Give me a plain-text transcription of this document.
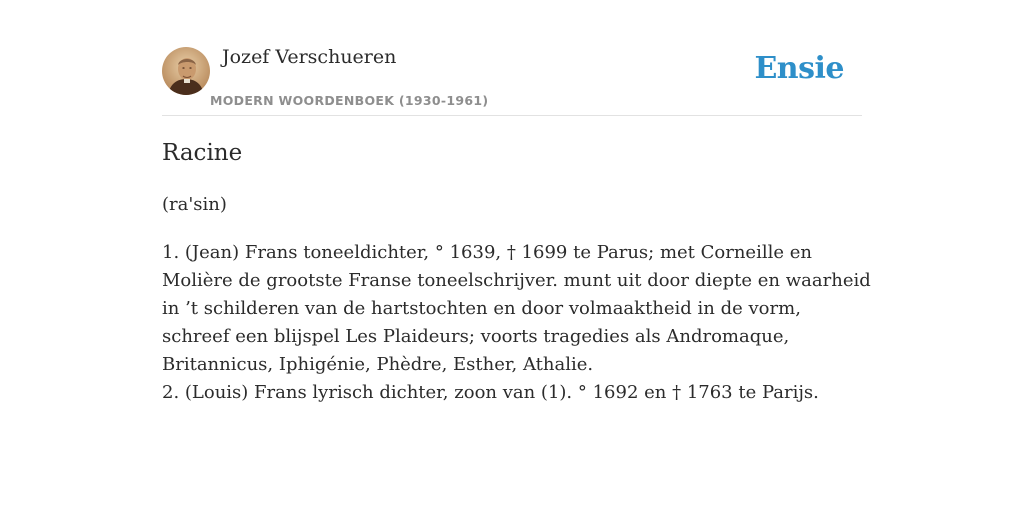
Jozef Verschueren
MODERN WOORDENBOEK (1930-1961)
Ensie
Racine
(ra'sin)

1. (Jean) Frans toneeldichter, ° 1639, † 1699 te Parus; met Corneille en Molière de grootste Franse toneelschrijver. munt uit door diepte en waarheid in ’t schilderen van de hartstochten en door volmaaktheid in de vorm, schreef een blijspel Les Plaideurs; voorts tragedies als Andromaque, Britannicus, Iphigénie, Phèdre, Esther, Athalie.

2. (Louis) Frans lyrisch dichter, zoon van (1). ° 1692 en † 1763 te Parijs.
